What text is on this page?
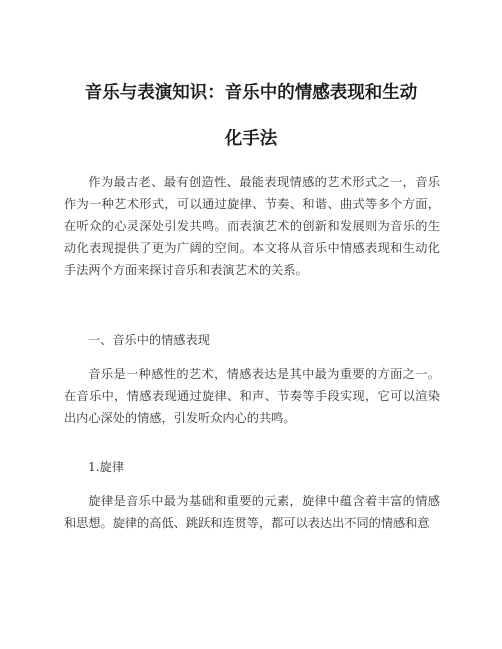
音乐与表演知识：音乐中的情感表现和生动
化手法
作为最古老、最有创造性、最能表现情感的艺术形式之一，音乐作为一种艺术形式，可以通过旋律、节奏、和谐、曲式等多个方面，在听众的心灵深处引发共鸣。而表演艺术的创新和发展则为音乐的生动化表现提供了更为广阔的空间。本文将从音乐中情感表现和生动化手法两个方面来探讨音乐和表演艺术的关系。
一、音乐中的情感表现
音乐是一种感性的艺术，情感表达是其中最为重要的方面之一。在音乐中，情感表现通过旋律、和声、节奏等手段实现，它可以渲染出内心深处的情感，引发听众内心的共鸣。
1.旋律
旋律是音乐中最为基础和重要的元素，旋律中蕴含着丰富的情感和思想。旋律的高低、跳跃和连贯等，都可以表达出不同的情感和意
